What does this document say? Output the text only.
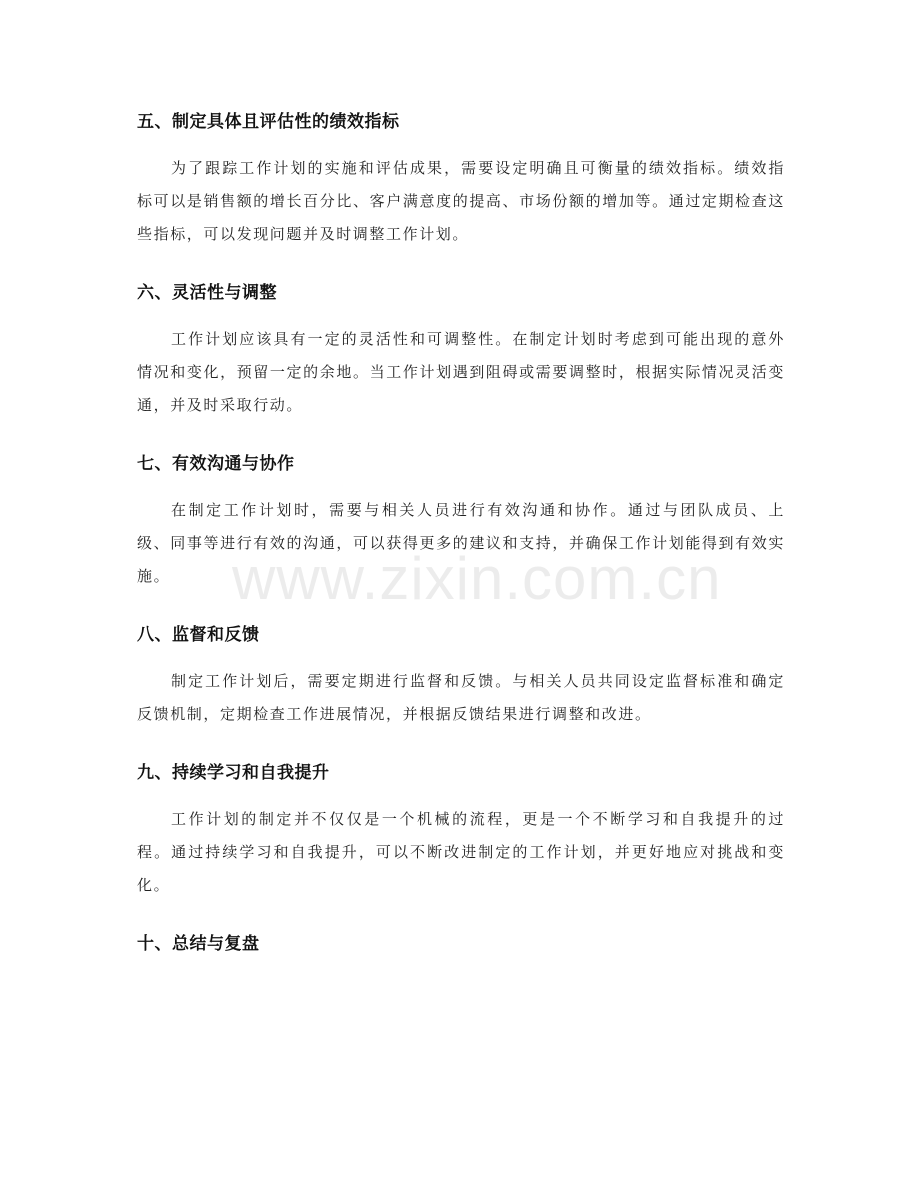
五、制定具体且评估性的绩效指标

为了跟踪工作计划的实施和评估成果，需要设定明确且可衡量的绩效指标。绩效指标可以是销售额的增长百分比、客户满意度的提高、市场份额的增加等。通过定期检查这些指标，可以发现问题并及时调整工作计划。

六、灵活性与调整

工作计划应该具有一定的灵活性和可调整性。在制定计划时考虑到可能出现的意外情况和变化，预留一定的余地。当工作计划遇到阻碍或需要调整时，根据实际情况灵活变通，并及时采取行动。

七、有效沟通与协作

在制定工作计划时，需要与相关人员进行有效沟通和协作。通过与团队成员、上级、同事等进行有效的沟通，可以获得更多的建议和支持，并确保工作计划能得到有效实施。

八、监督和反馈

制定工作计划后，需要定期进行监督和反馈。与相关人员共同设定监督标准和确定反馈机制，定期检查工作进展情况，并根据反馈结果进行调整和改进。

九、持续学习和自我提升

工作计划的制定并不仅仅是一个机械的流程，更是一个不断学习和自我提升的过程。通过持续学习和自我提升，可以不断改进制定的工作计划，并更好地应对挑战和变化。

十、总结与复盘
www.zixin.com.cn
